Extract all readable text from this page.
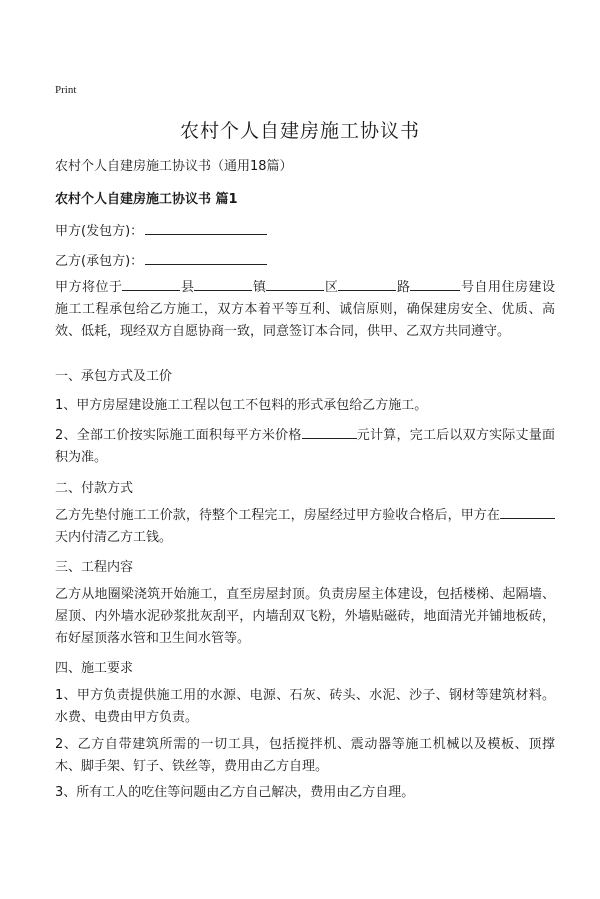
Print
农村个人自建房施工协议书
农村个人自建房施工协议书（通用18篇）
农村个人自建房施工协议书 篇1
甲方(发包方)：
乙方(承包方)：
甲方将位于	县	镇	区	路	号自用住房建设施工工程承包给乙方施工，双方本着平等互利、诚信原则，确保建房安全、优质、高效、低耗，现经双方自愿协商一致，同意签订本合同，供甲、乙双方共同遵守。
一、承包方式及工价
1、甲方房屋建设施工工程以包工不包料的形式承包给乙方施工。
2、全部工价按实际施工面积每平方米价格	元计算，完工后以双方实际丈量面积为准。
二、付款方式
乙方先垫付施工工价款，待整个工程完工，房屋经过甲方验收合格后，甲方在天内付清乙方工钱。
三、工程内容
乙方从地圈梁浇筑开始施工，直至房屋封顶。负责房屋主体建设，包括楼梯、起隔墙、屋顶、内外墙水泥砂浆批灰刮平，内墙刮双飞粉，外墙贴磁砖，地面清光并铺地板砖，布好屋顶落水管和卫生间水管等。
四、施工要求
1、甲方负责提供施工用的水源、电源、石灰、砖头、水泥、沙子、钢材等建筑材料。水费、电费由甲方负责。
2、乙方自带建筑所需的一切工具，包括搅拌机、震动器等施工机械以及模板、顶撑木、脚手架、钉子、铁丝等，费用由乙方自理。
3、所有工人的吃住等问题由乙方自己解决，费用由乙方自理。
